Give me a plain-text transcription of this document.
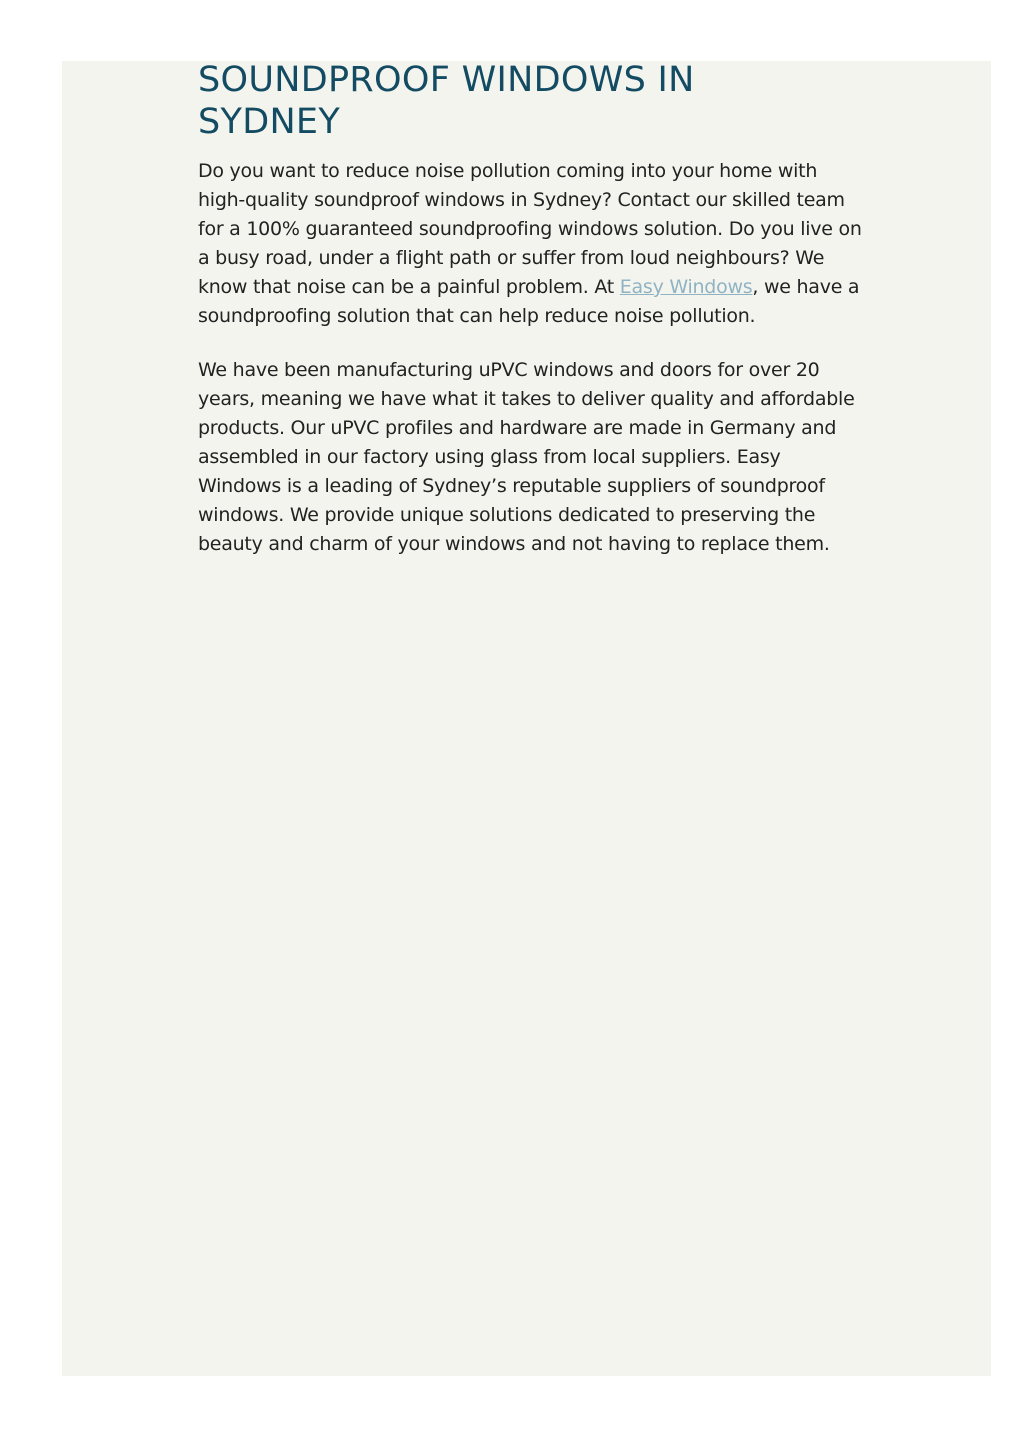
SOUNDPROOF WINDOWS IN SYDNEY

Do you want to reduce noise pollution coming into your home with high-quality soundproof windows in Sydney? Contact our skilled team for a 100% guaranteed soundproofing windows solution. Do you live on a busy road, under a flight path or suffer from loud neighbours? We know that noise can be a painful problem. At Easy Windows, we have a soundproofing solution that can help reduce noise pollution.

We have been manufacturing uPVC windows and doors for over 20 years, meaning we have what it takes to deliver quality and affordable products. Our uPVC profiles and hardware are made in Germany and assembled in our factory using glass from local suppliers. Easy Windows is a leading of Sydney’s reputable suppliers of soundproof windows. We provide unique solutions dedicated to preserving the beauty and charm of your windows and not having to replace them.
